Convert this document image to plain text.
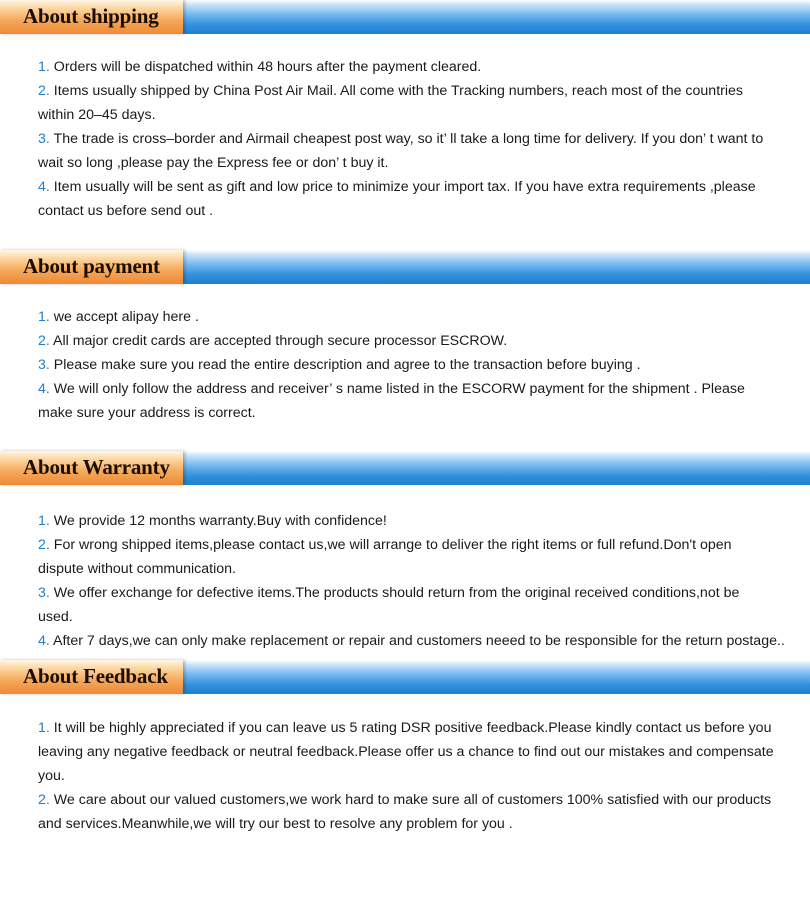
About shipping
1. Orders will be dispatched within 48 hours after the payment cleared.
2. Items usually shipped by China Post Air Mail. All come with the Tracking numbers, reach most of the countries within 20–45 days.
3. The trade is cross–border and Airmail cheapest post way, so it’ ll take a long time for delivery. If you don’ t want to wait so long ,please pay the Express fee or don’ t buy it.
4. Item usually will be sent as gift and low price to minimize your import tax. If you have extra requirements ,please contact us before send out .
About payment
1. we accept alipay here .
2. All major credit cards are accepted through secure processor ESCROW.
3. Please make sure you read the entire description and agree to the transaction before buying .
4. We will only follow the address and receiver’ s name listed in the ESCORW payment for the shipment . Please make sure your address is correct.
About Warranty
1. We provide 12 months warranty.Buy with confidence!
2. For wrong shipped items,please contact us,we will arrange to deliver the right items or full refund.Don't open dispute without communication.
3. We offer exchange for defective items.The products should return from the original received conditions,not be used.
4. After 7 days,we can only make replacement or repair and customers neeed to be responsible for the return postage..
About Feedback
1. It will be highly appreciated if you can leave us 5 rating DSR positive feedback.Please kindly contact us before you leaving any negative feedback or neutral feedback.Please offer us a chance to find out our mistakes and compensate you.
2. We care about our valued customers,we work hard to make sure all of customers 100% satisfied with our products and services.Meanwhile,we will try our best to resolve any problem for you .
